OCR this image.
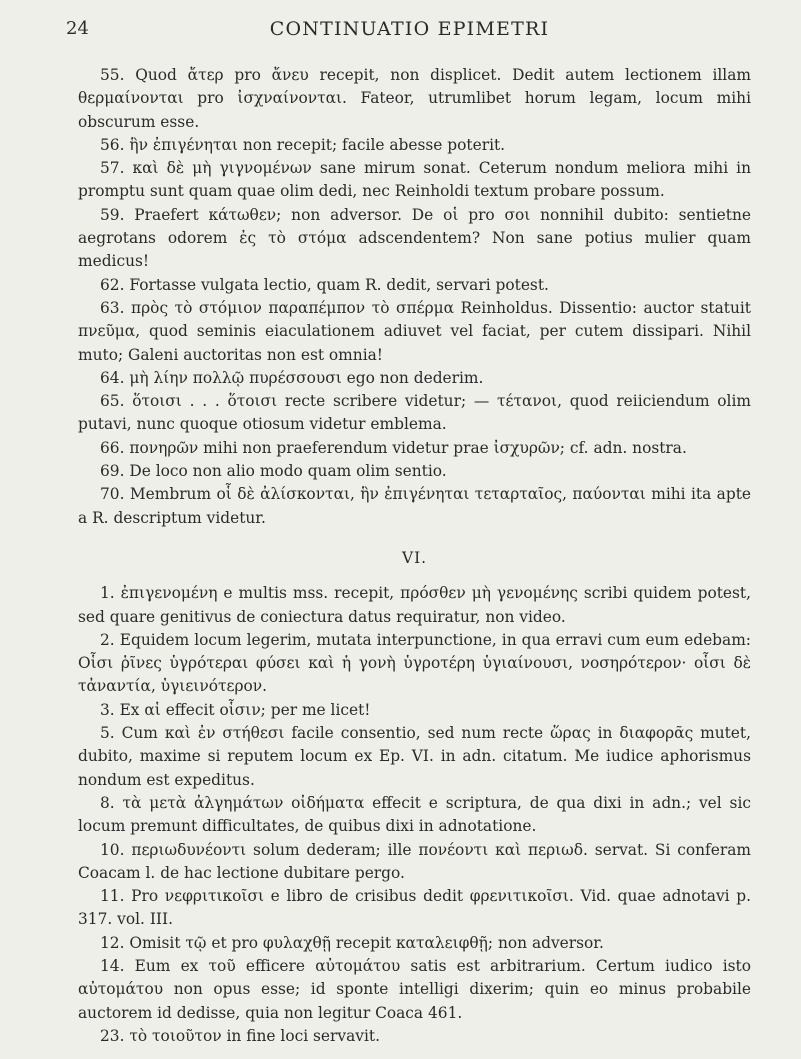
24	CONTINUATIO EPIMETRI

55. Quod ἄτερ pro ἄνευ recepit, non displicet. Dedit autem lectionem illam θερμαίνονται pro ἰσχναίνονται. Fateor, utrumlibet horum legam, locum mihi obscurum esse.

56. ἣν ἐπιγένηται non recepit; facile abesse poterit.

57. καὶ δὲ μὴ γιγνομένων sane mirum sonat. Ceterum nondum meliora mihi in promptu sunt quam quae olim dedi, nec Reinholdi textum probare possum.

59. Praefert κάτωθεν; non adversor. De οἱ pro σοι nonnihil dubito: sentietne aegrotans odorem ἐς τὸ στόμα adscendentem? Non sane potius mulier quam medicus!

62. Fortasse vulgata lectio, quam R. dedit, servari potest.

63. πρὸς τὸ στόμιον παραπέμπον τὸ σπέρμα Reinholdus. Dissentio: auctor statuit πνεῦμα, quod seminis eiaculationem adiuvet vel faciat, per cutem dissipari. Nihil muto; Galeni auctoritas non est omnia!

64. μὴ λίην πολλῷ πυρέσσουσι ego non dederim.

65. ὅτοισι . . . ὅτοισι recte scribere videtur; — τέτανοι, quod reiiciendum olim putavi, nunc quoque otiosum videtur emblema.

66. πονηρῶν mihi non praeferendum videtur prae ἰσχυρῶν; cf. adn. nostra.

69. De loco non alio modo quam olim sentio.

70. Membrum οἷ δὲ ἀλίσκονται, ἣν ἐπιγένηται τεταρταῖος, παύονται mihi ita apte a R. descriptum videtur.

VI.

1. ἐπιγενομένη e multis mss. recepit, πρόσθεν μὴ γενομένης scribi quidem potest, sed quare genitivus de coniectura datus requiratur, non video.

2. Equidem locum legerim, mutata interpunctione, in qua erravi cum eum edebam: Οἷσι ῥῖνες ὑγρότεραι φύσει καὶ ἡ γονὴ ὑγροτέρη ὑγιαίνουσι, νοσηρότερον· οἷσι δὲ τἀναντία, ὑγιεινότερον.

3. Ex αἱ effecit οἷσιν; per me licet!

5. Cum καὶ ἐν στήθεσι facile consentio, sed num recte ὥρας in διαφορᾶς mutet, dubito, maxime si reputem locum ex Ep. VI. in adn. citatum. Me iudice aphorismus nondum est expeditus.

8. τὰ μετὰ ἀλγημάτων οἰδήματα effecit e scriptura, de qua dixi in adn.; vel sic locum premunt difficultates, de quibus dixi in adnotatione.

10. περιωδυνέοντι solum dederam; ille πονέοντι καὶ περιωδ. servat. Si conferam Coacam l. de hac lectione dubitare pergo.

11. Pro νεφριτικοῖσι e libro de crisibus dedit φρενιτικοῖσι. Vid. quae adnotavi p. 317. vol. III.

12. Omisit τῷ et pro φυλαχθῇ recepit καταλειφθῇ; non adversor.

14. Eum ex τοῦ efficere αὐτομάτου satis est arbitrarium. Certum iudico isto αὐτομάτου non opus esse; id sponte intelligi dixerim; quin eo minus probabile auctorem id dedisse, quia non legitur Coaca 461.

23. τὸ τοιοῦτον in fine loci servavit.
